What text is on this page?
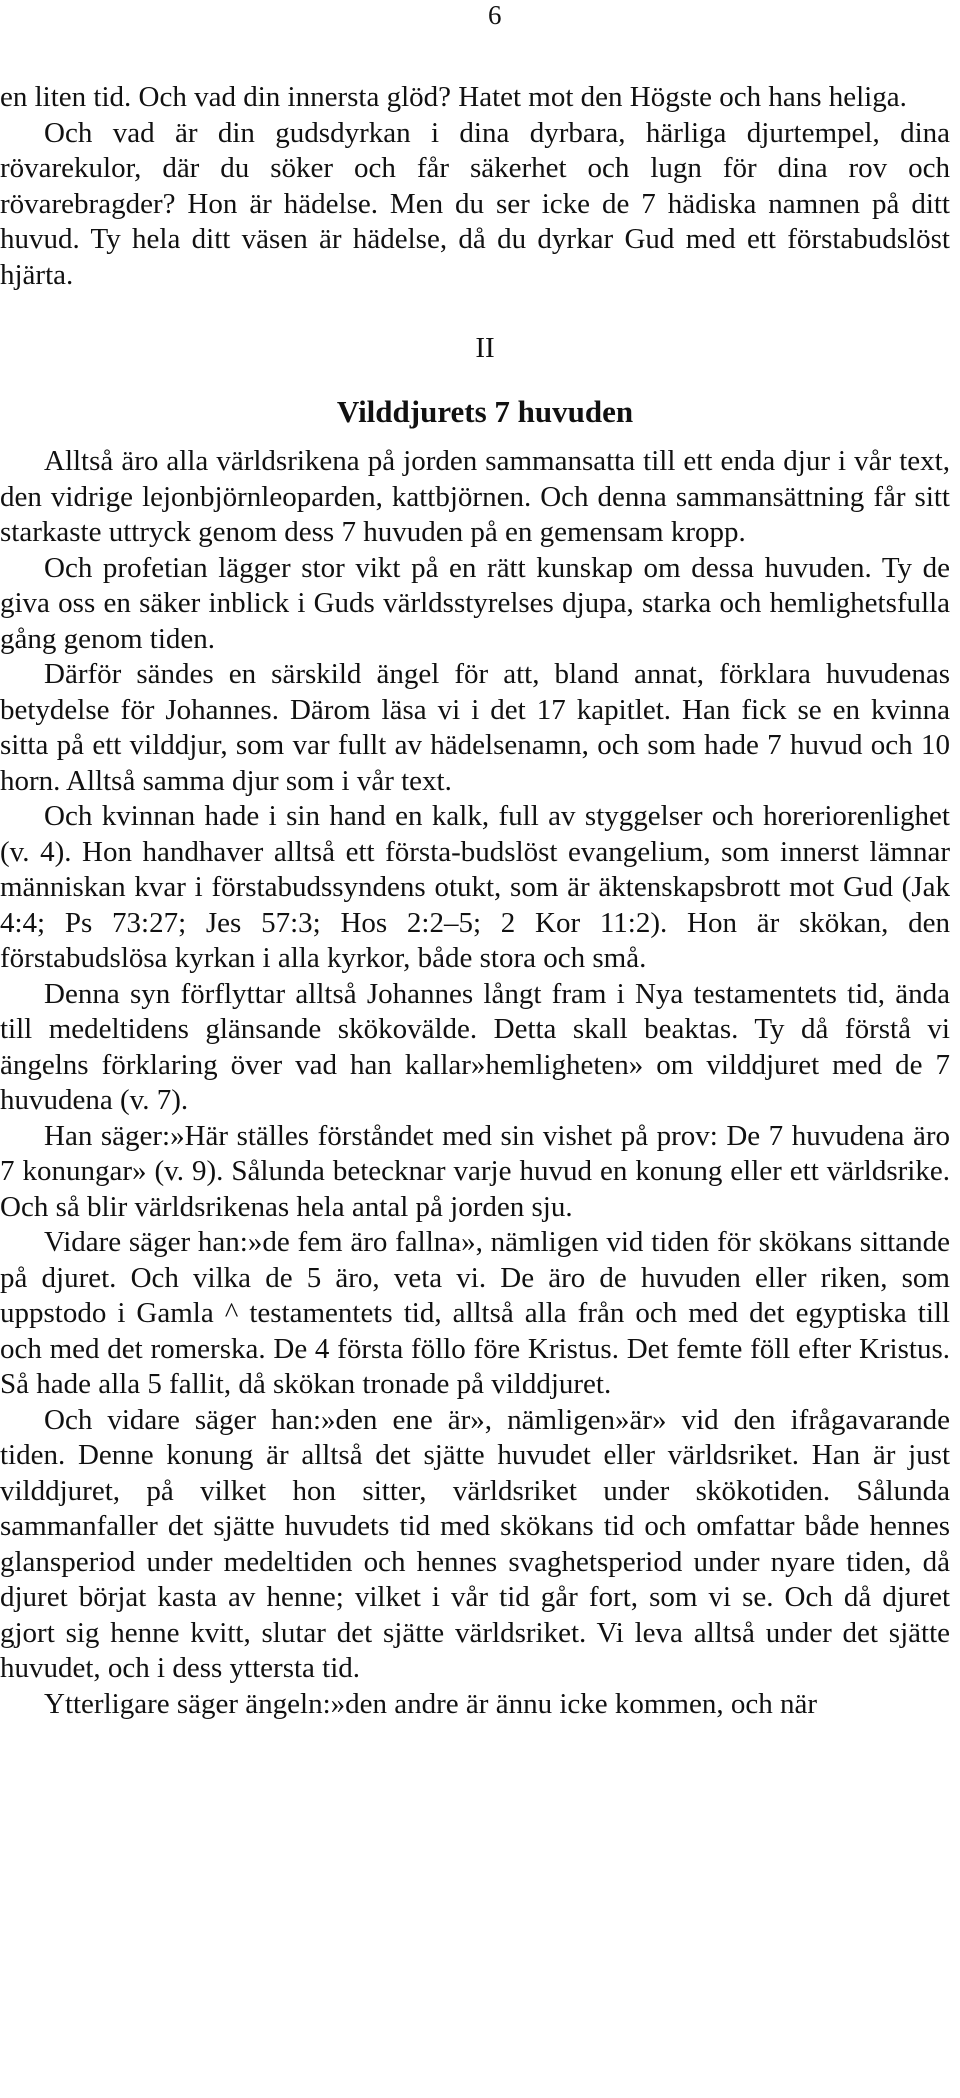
6

en liten tid. Och vad din innersta glöd? Hatet mot den Högste och hans heliga.

Och vad är din gudsdyrkan i dina dyrbara, härliga djurtempel, dina rövarekulor, där du söker och får säkerhet och lugn för dina rov och rövarebragder? Hon är hädelse. Men du ser icke de 7 hädiska namnen på ditt huvud. Ty hela ditt väsen är hädelse, då du dyrkar Gud med ett förstabudslöst hjärta.

II
Vilddjurets 7 huvuden

Alltså äro alla världsrikena på jorden sammansatta till ett enda djur i vår text, den vidrige lejonbjörnleoparden, kattbjörnen. Och denna sammansättning får sitt starkaste uttryck genom dess 7 huvuden på en gemensam kropp.

Och profetian lägger stor vikt på en rätt kunskap om dessa huvuden. Ty de giva oss en säker inblick i Guds världsstyrelses djupa, starka och hemlighetsfulla gång genom tiden.

Därför sändes en särskild ängel för att, bland annat, förklara huvudenas betydelse för Johannes. Därom läsa vi i det 17 kapitlet. Han fick se en kvinna sitta på ett vilddjur, som var fullt av hädelsenamn, och som hade 7 huvud och 10 horn. Alltså samma djur som i vår text.

Och kvinnan hade i sin hand en kalk, full av styggelser och horeriorenlighet (v. 4). Hon handhaver alltså ett första-budslöst evangelium, som innerst lämnar människan kvar i förstabudssyndens otukt, som är äktenskapsbrott mot Gud (Jak 4:4; Ps 73:27; Jes 57:3; Hos 2:2–5; 2 Kor 11:2). Hon är skökan, den förstabudslösa kyrkan i alla kyrkor, både stora och små.

Denna syn förflyttar alltså Johannes långt fram i Nya testamentets tid, ända till medeltidens glänsande skökovälde. Detta skall beaktas. Ty då förstå vi ängelns förklaring över vad han kallar»hemligheten» om vilddjuret med de 7 huvudena (v. 7).

Han säger:»Här ställes förståndet med sin vishet på prov: De 7 huvudena äro 7 konungar» (v. 9). Sålunda betecknar varje huvud en konung eller ett världsrike. Och så blir världsrikenas hela antal på jorden sju.

Vidare säger han:»de fem äro fallna», nämligen vid tiden för skökans sittande på djuret. Och vilka de 5 äro, veta vi. De äro de huvuden eller riken, som uppstodo i Gamla ^ testamentets tid, alltså alla från och med det egyptiska till och med det romerska. De 4 första föllo före Kristus. Det femte föll efter Kristus. Så hade alla 5 fallit, då skökan tronade på vilddjuret.

Och vidare säger han:»den ene är», nämligen»är» vid den ifrågavarande tiden. Denne konung är alltså det sjätte huvudet eller världsriket. Han är just vilddjuret, på vilket hon sitter, världsriket under skökotiden. Sålunda sammanfaller det sjätte huvudets tid med skökans tid och omfattar både hennes glansperiod under medeltiden och hennes svaghetsperiod under nyare tiden, då djuret börjat kasta av henne; vilket i vår tid går fort, som vi se. Och då djuret gjort sig henne kvitt, slutar det sjätte världsriket. Vi leva alltså under det sjätte huvudet, och i dess yttersta tid.

Ytterligare säger ängeln:»den andre är ännu icke kommen, och när
